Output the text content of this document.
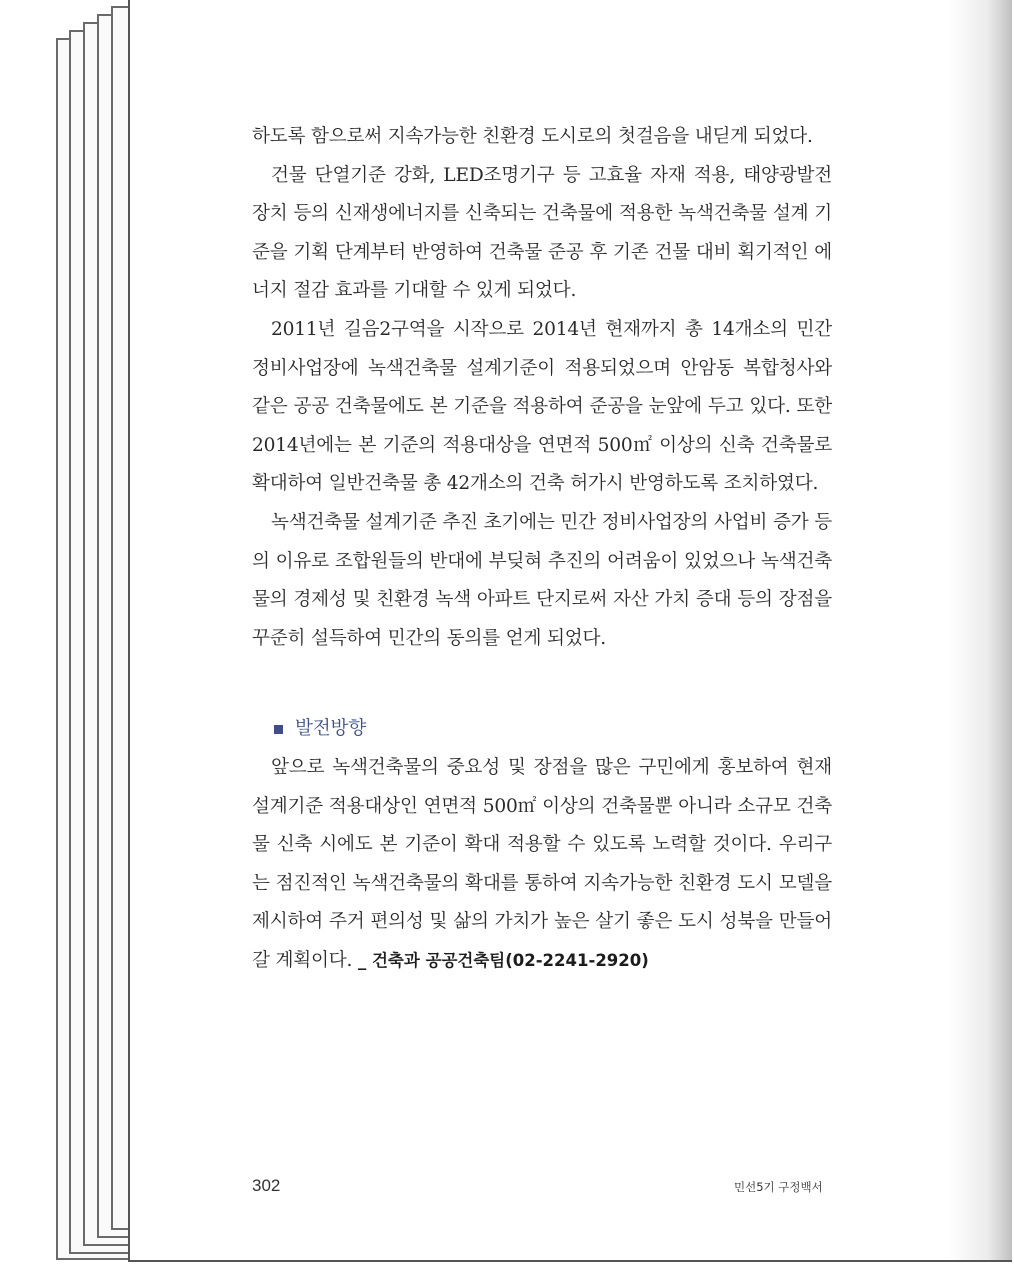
하도록 함으로써 지속가능한 친환경 도시로의 첫걸음을 내딛게 되었다.

건물 단열기준 강화, LED조명기구 등 고효율 자재 적용, 태양광발전 장치 등의 신재생에너지를 신축되는 건축물에 적용한 녹색건축물 설계 기준을 기획 단계부터 반영하여 건축물 준공 후 기존 건물 대비 획기적인 에너지 절감 효과를 기대할 수 있게 되었다.

2011년 길음2구역을 시작으로 2014년 현재까지 총 14개소의 민간 정비사업장에 녹색건축물 설계기준이 적용되었으며 안암동 복합청사와 같은 공공 건축물에도 본 기준을 적용하여 준공을 눈앞에 두고 있다. 또한 2014년에는 본 기준의 적용대상을 연면적 500㎡ 이상의 신축 건축물로 확대하여 일반건축물 총 42개소의 건축 허가시 반영하도록 조치하였다.

녹색건축물 설계기준 추진 초기에는 민간 정비사업장의 사업비 증가 등의 이유로 조합원들의 반대에 부딪혀 추진의 어려움이 있었으나 녹색건축물의 경제성 및 친환경 녹색 아파트 단지로써 자산 가치 증대 등의 장점을 꾸준히 설득하여 민간의 동의를 얻게 되었다.

발전방향

앞으로 녹색건축물의 중요성 및 장점을 많은 구민에게 홍보하여 현재 설계기준 적용대상인 연면적 500㎡ 이상의 건축물뿐 아니라 소규모 건축물 신축 시에도 본 기준이 확대 적용할 수 있도록 노력할 것이다. 우리구는 점진적인 녹색건축물의 확대를 통하여 지속가능한 친환경 도시 모델을 제시하여 주거 편의성 및 삶의 가치가 높은 살기 좋은 도시 성북을 만들어갈 계획이다. _ 건축과 공공건축팀(02-2241-2920)

302	민선5기 구정백서
